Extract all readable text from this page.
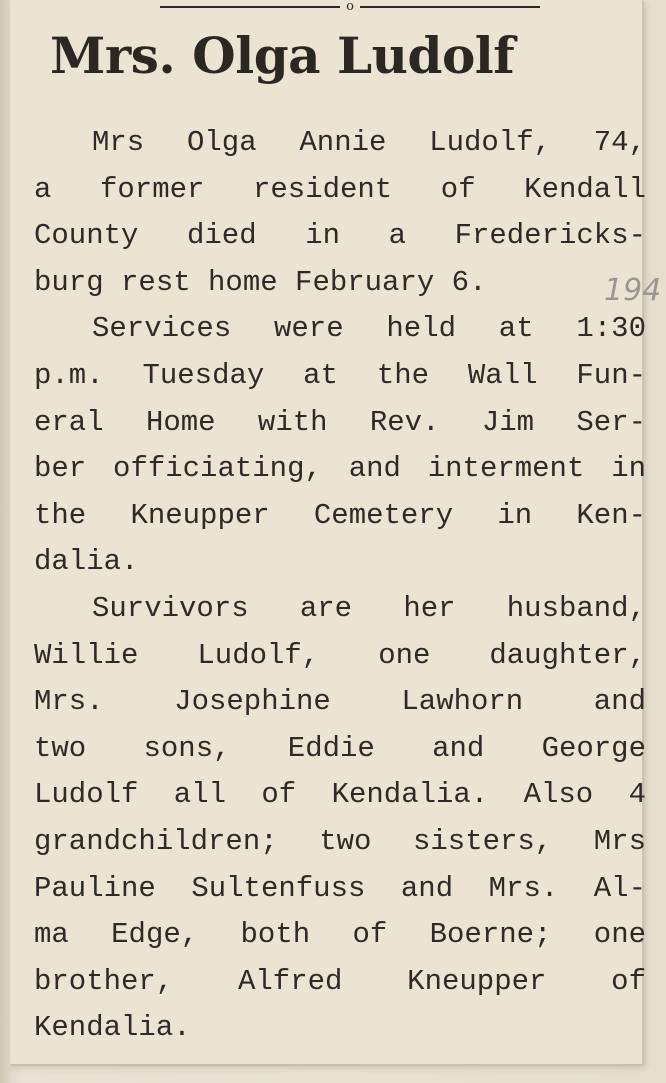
o
Mrs. Olga Ludolf
Mrs Olga Annie Ludolf, 74,
a former resident of Kendall
County died in a Fredericks-
burg rest home February 6.
Services were held at 1:30
p.m. Tuesday at the Wall Fun-
eral Home with Rev. Jim Ser-
ber officiating, and interment in
the Kneupper Cemetery in Ken-
dalia.
Survivors are her husband,
Willie Ludolf, one daughter,
Mrs. Josephine Lawhorn and
two sons, Eddie and George
Ludolf all of Kendalia. Also 4
grandchildren; two sisters, Mrs
Pauline Sultenfuss and Mrs. Al-
ma Edge, both of Boerne; one
brother, Alfred Kneupper of
Kendalia.
194
